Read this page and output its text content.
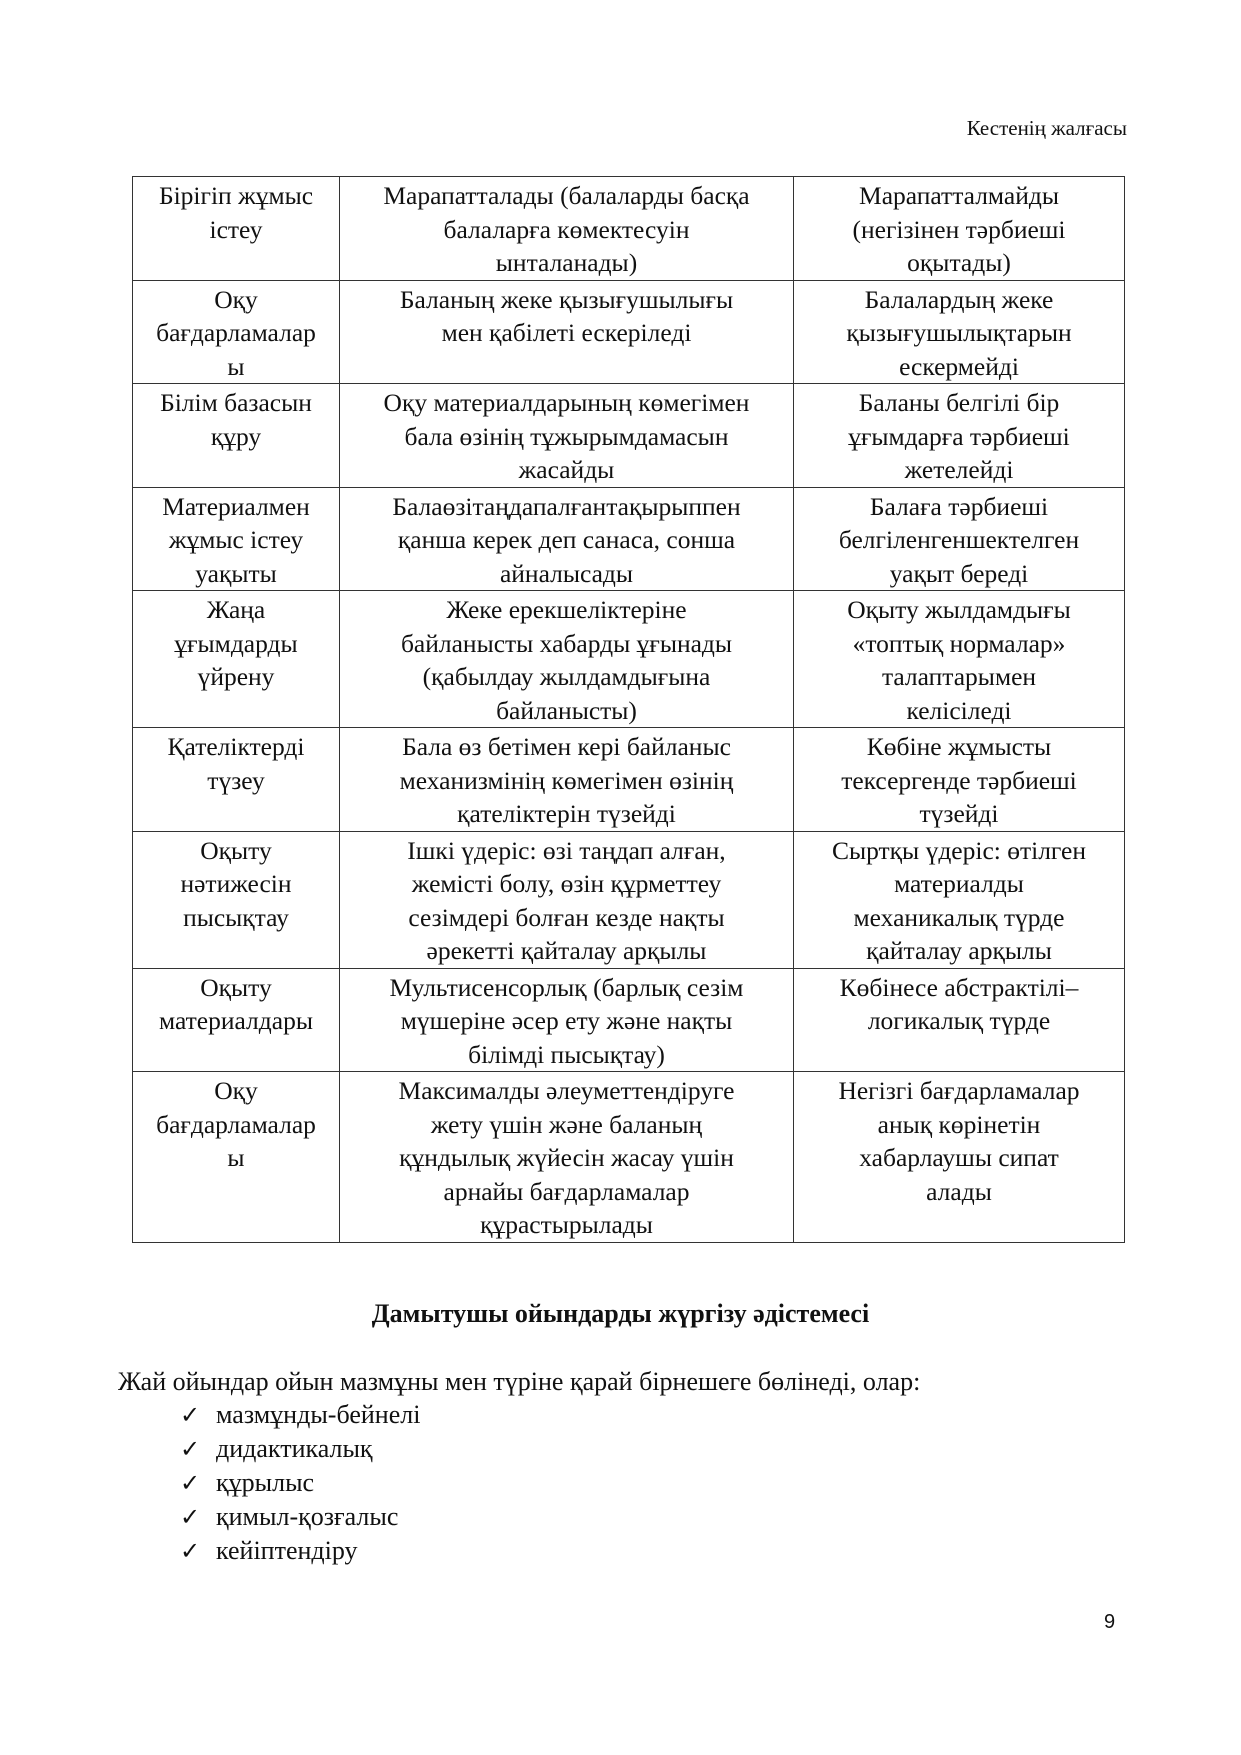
Кестенің жалғасы
Бірігіп жұмыс
істеу	Марапатталады (балаларды басқа
балаларға көмектесуін
ынталанады)	Марапатталмайды
(негізінен тәрбиеші
оқытады)

Оқу
бағдарламалар
ы	Баланың жеке қызығушылығы
мен қабілеті ескеріледі	Балалардың жеке
қызығушылықтарын
ескермейді

Білім базасын
құру	Оқу материалдарының көмегімен
бала өзінің тұжырымдамасын
жасайды	Баланы белгілі бір
ұғымдарға тәрбиеші
жетелейді

Материалмен
жұмыс істеу
уақыты	Балаөзітаңдапалғантақырыппен
қанша керек деп санаса, сонша
айналысады	Балаға тәрбиеші
белгіленгеншектелген
уақыт береді

Жаңа
ұғымдарды
үйрену	Жеке ерекшеліктеріне
байланысты хабарды ұғынады
(қабылдау жылдамдығына
байланысты)	Оқыту жылдамдығы
«топтық нормалар»
талаптарымен
келісіледі

Қателіктерді
түзеу	Бала өз бетімен кері байланыс
механизмінің көмегімен өзінің
қателіктерін түзейді	Көбіне жұмысты
тексергенде тәрбиеші
түзейді

Оқыту
нәтижесін
пысықтау	Ішкі үдеріс: өзі таңдап алған,
жемісті болу, өзін құрметтеу
сезімдері болған кезде нақты
әрекетті қайталау арқылы	Сыртқы үдеріс: өтілген
материалды
механикалық түрде
қайталау арқылы

Оқыту
материалдары	Мультисенсорлық (барлық сезім
мүшеріне әсер ету және нақты
білімді пысықтау)	Көбінесе абстрактілі–
логикалық түрде

Оқу
бағдарламалар
ы	Максималды әлеуметтендіруге
жету үшін және баланың
құндылық жүйесін жасау үшін
арнайы бағдарламалар
құрастырылады	Негізгі бағдарламалар
анық көрінетін
хабарлаушы сипат
алады
Дамытушы ойындарды жүргізу әдістемесі
Жай ойындар ойын мазмұны мен түріне қарай бірнешеге бөлінеді, олар:
✓ мазмұнды-бейнелі
✓ дидактикалық
✓ құрылыс
✓ қимыл-қозғалыс
✓ кейіптендіру
9
